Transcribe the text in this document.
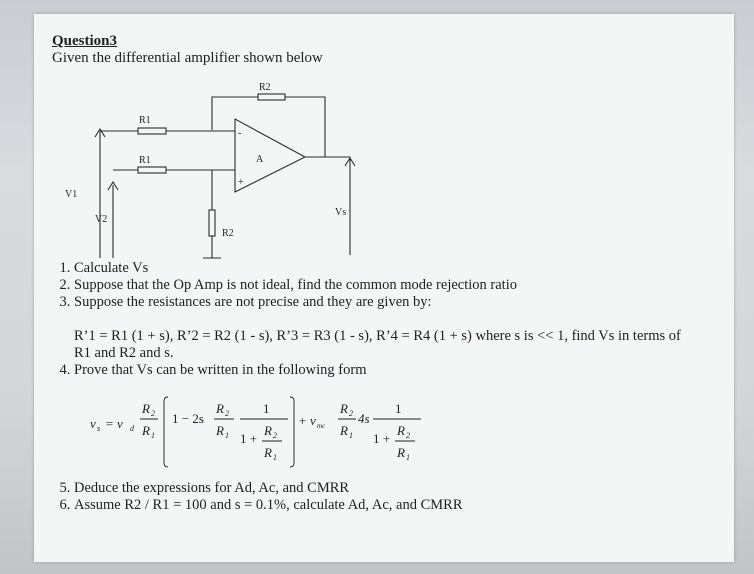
Question3
Given the differential amplifier shown below
R2
R1
R1
R2
A
-
+
V1
V2
Vs
1. Calculate Vs
2. Suppose that the Op Amp is not ideal, find the common mode rejection ratio
3. Suppose the resistances are not precise and they are given by:
R’1 = R1 (1 + s), R’2 = R2 (1 - s), R’3 = R3 (1 - s), R’4 = R4 (1 + s) where s is << 1, find Vs in terms of
R1 and R2 and s.
4. Prove that Vs can be written in the following form
v s = v d
R 2
R 1
1 − 2s
R 2
R 1
1
1 +
R 2
R 1
+ v mc
R 2
R 1
4s
1
1 +
R 2
R 1
5. Deduce the expressions for Ad, Ac, and CMRR
6. Assume R2 / R1 = 100 and s = 0.1%, calculate Ad, Ac, and CMRR
